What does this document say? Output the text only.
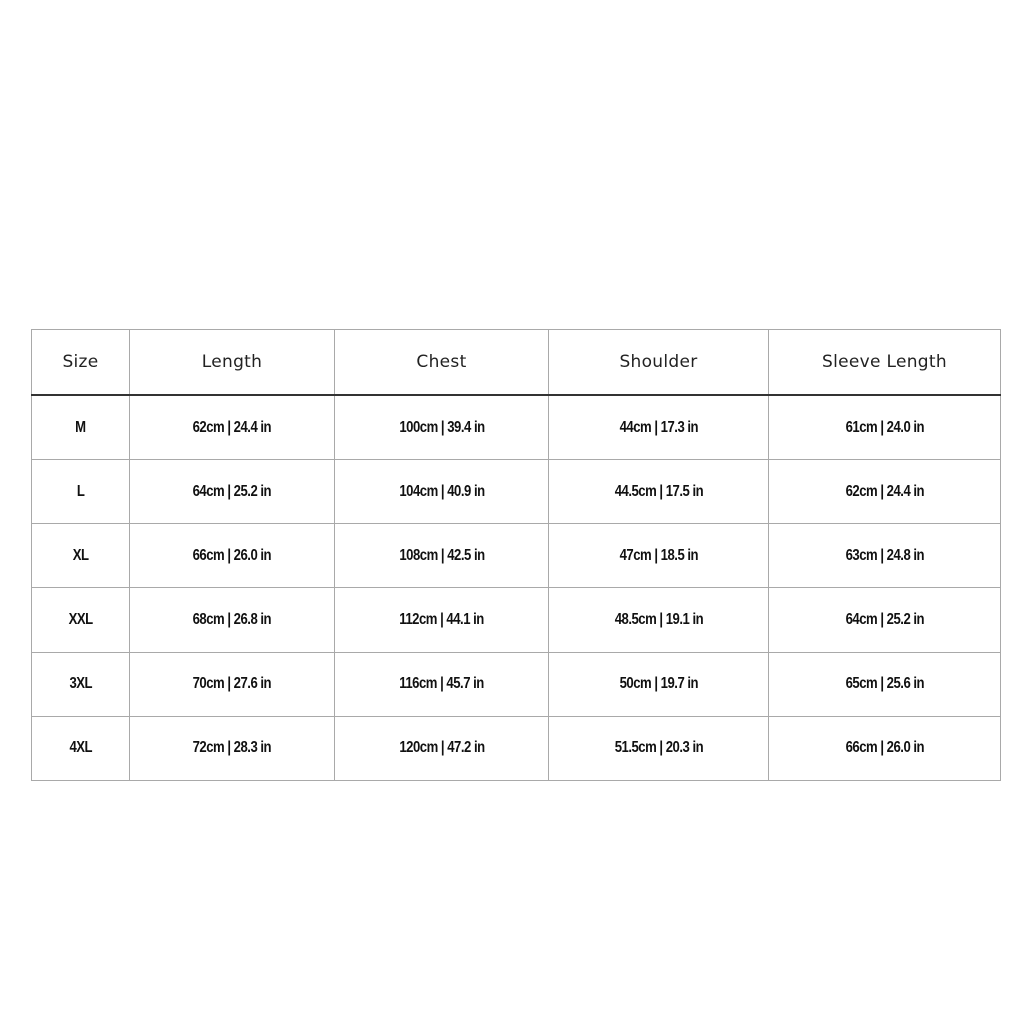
Size	Length	Chest	Shoulder	Sleeve Length
M	62cm | 24.4 in	100cm | 39.4 in	44cm | 17.3 in	61cm | 24.0 in
L	64cm | 25.2 in	104cm | 40.9 in	44.5cm | 17.5 in	62cm | 24.4 in
XL	66cm | 26.0 in	108cm | 42.5 in	47cm | 18.5 in	63cm | 24.8 in
XXL	68cm | 26.8 in	112cm | 44.1 in	48.5cm | 19.1 in	64cm | 25.2 in
3XL	70cm | 27.6 in	116cm | 45.7 in	50cm | 19.7 in	65cm | 25.6 in
4XL	72cm | 28.3 in	120cm | 47.2 in	51.5cm | 20.3 in	66cm | 26.0 in
